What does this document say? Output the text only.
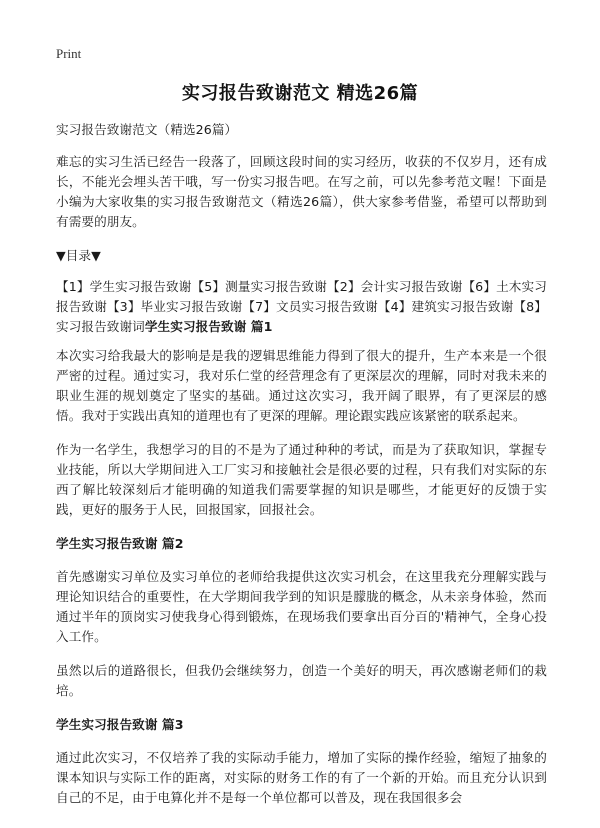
Print
实习报告致谢范文 精选26篇

实习报告致谢范文（精选26篇）

难忘的实习生活已经告一段落了，回顾这段时间的实习经历，收获的不仅岁月，还有成长，不能光会埋头苦干哦，写一份实习报告吧。在写之前，可以先参考范文喔！下面是小编为大家收集的实习报告致谢范文（精选26篇），供大家参考借鉴，希望可以帮助到有需要的朋友。

▼目录▼

【1】学生实习报告致谢【5】测量实习报告致谢【2】会计实习报告致谢【6】土木实习报告致谢【3】毕业实习报告致谢【7】文员实习报告致谢【4】建筑实习报告致谢【8】实习报告致谢词学生实习报告致谢 篇1

本次实习给我最大的影响是是我的逻辑思维能力得到了很大的提升，生产本来是一个很严密的过程。通过实习，我对乐仁堂的经营理念有了更深层次的理解，同时对我未来的职业生涯的规划奠定了坚实的基础。通过这次实习，我开阔了眼界，有了更深层的感悟。我对于实践出真知的道理也有了更深的理解。理论跟实践应该紧密的联系起来。

作为一名学生，我想学习的目的不是为了通过种种的考试，而是为了获取知识，掌握专业技能，所以大学期间进入工厂实习和接触社会是很必要的过程，只有我们对实际的东西了解比较深刻后才能明确的知道我们需要掌握的知识是哪些，才能更好的反馈于实践，更好的服务于人民，回报国家，回报社会。

学生实习报告致谢 篇2

首先感谢实习单位及实习单位的老师给我提供这次实习机会，在这里我充分理解实践与理论知识结合的重要性，在大学期间我学到的知识是朦胧的概念，从未亲身体验，然而通过半年的顶岗实习使我身心得到锻炼，在现场我们要拿出百分百的'精神气，全身心投入工作。

虽然以后的道路很长，但我仍会继续努力，创造一个美好的明天，再次感谢老师们的栽培。

学生实习报告致谢 篇3

通过此次实习，不仅培养了我的实际动手能力，增加了实际的操作经验，缩短了抽象的课本知识与实际工作的距离，对实际的财务工作的有了一个新的开始。而且充分认识到自己的不足，由于电算化并不是每一个单位都可以普及，现在我国很多会
